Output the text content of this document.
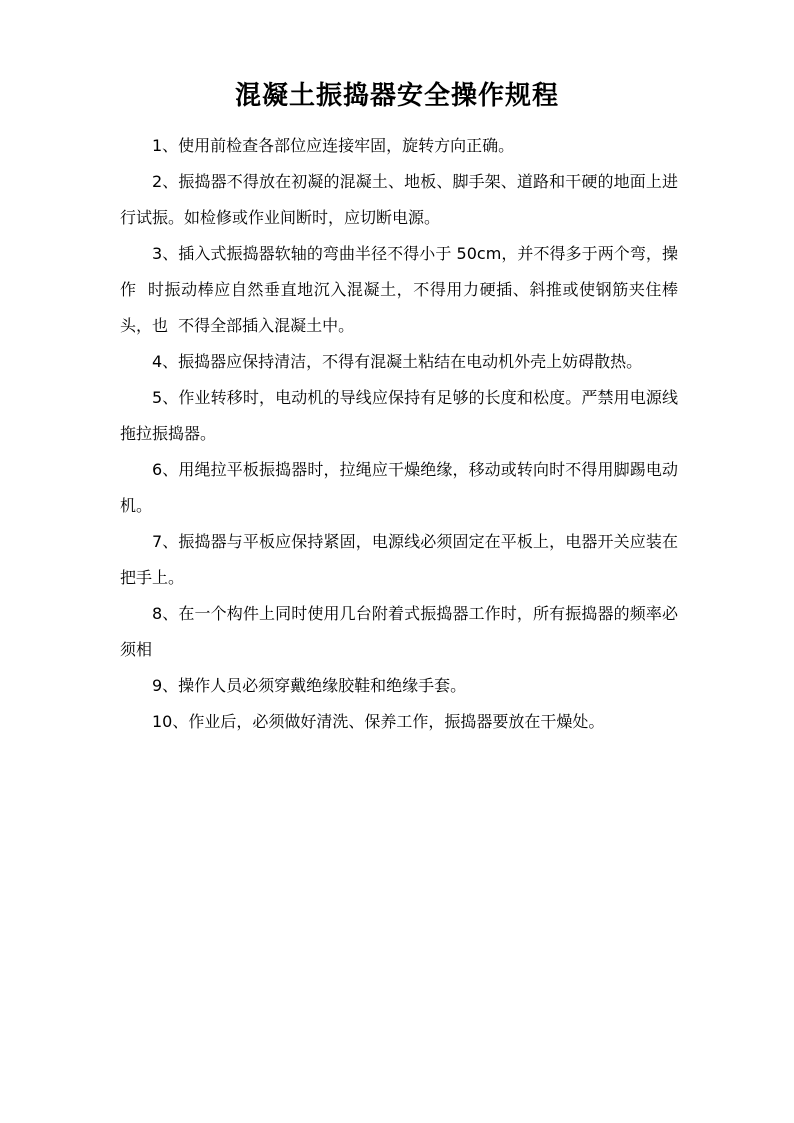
混凝土振捣器安全操作规程

1、使用前检查各部位应连接牢固，旋转方向正确。

2、振捣器不得放在初凝的混凝土、地板、脚手架、道路和干硬的地面上进  行试振。如检修或作业间断时，应切断电源。

3、插入式振捣器软轴的弯曲半径不得小于 50cm，并不得多于两个弯，操作  时振动棒应自然垂直地沉入混凝土，不得用力硬插、斜推或使钢筋夹住棒头，也  不得全部插入混凝土中。

4、振捣器应保持清洁，不得有混凝土粘结在电动机外壳上妨碍散热。

5、作业转移时，电动机的导线应保持有足够的长度和松度。严禁用电源线  拖拉振捣器。

6、用绳拉平板振捣器时，拉绳应干燥绝缘，移动或转向时不得用脚踢电动机。

7、振捣器与平板应保持紧固，电源线必须固定在平板上，电器开关应装在  把手上。

8、在一个构件上同时使用几台附着式振捣器工作时，所有振捣器的频率必须相

9、操作人员必须穿戴绝缘胶鞋和绝缘手套。

10、作业后，必须做好清洗、保养工作，振捣器要放在干燥处。
